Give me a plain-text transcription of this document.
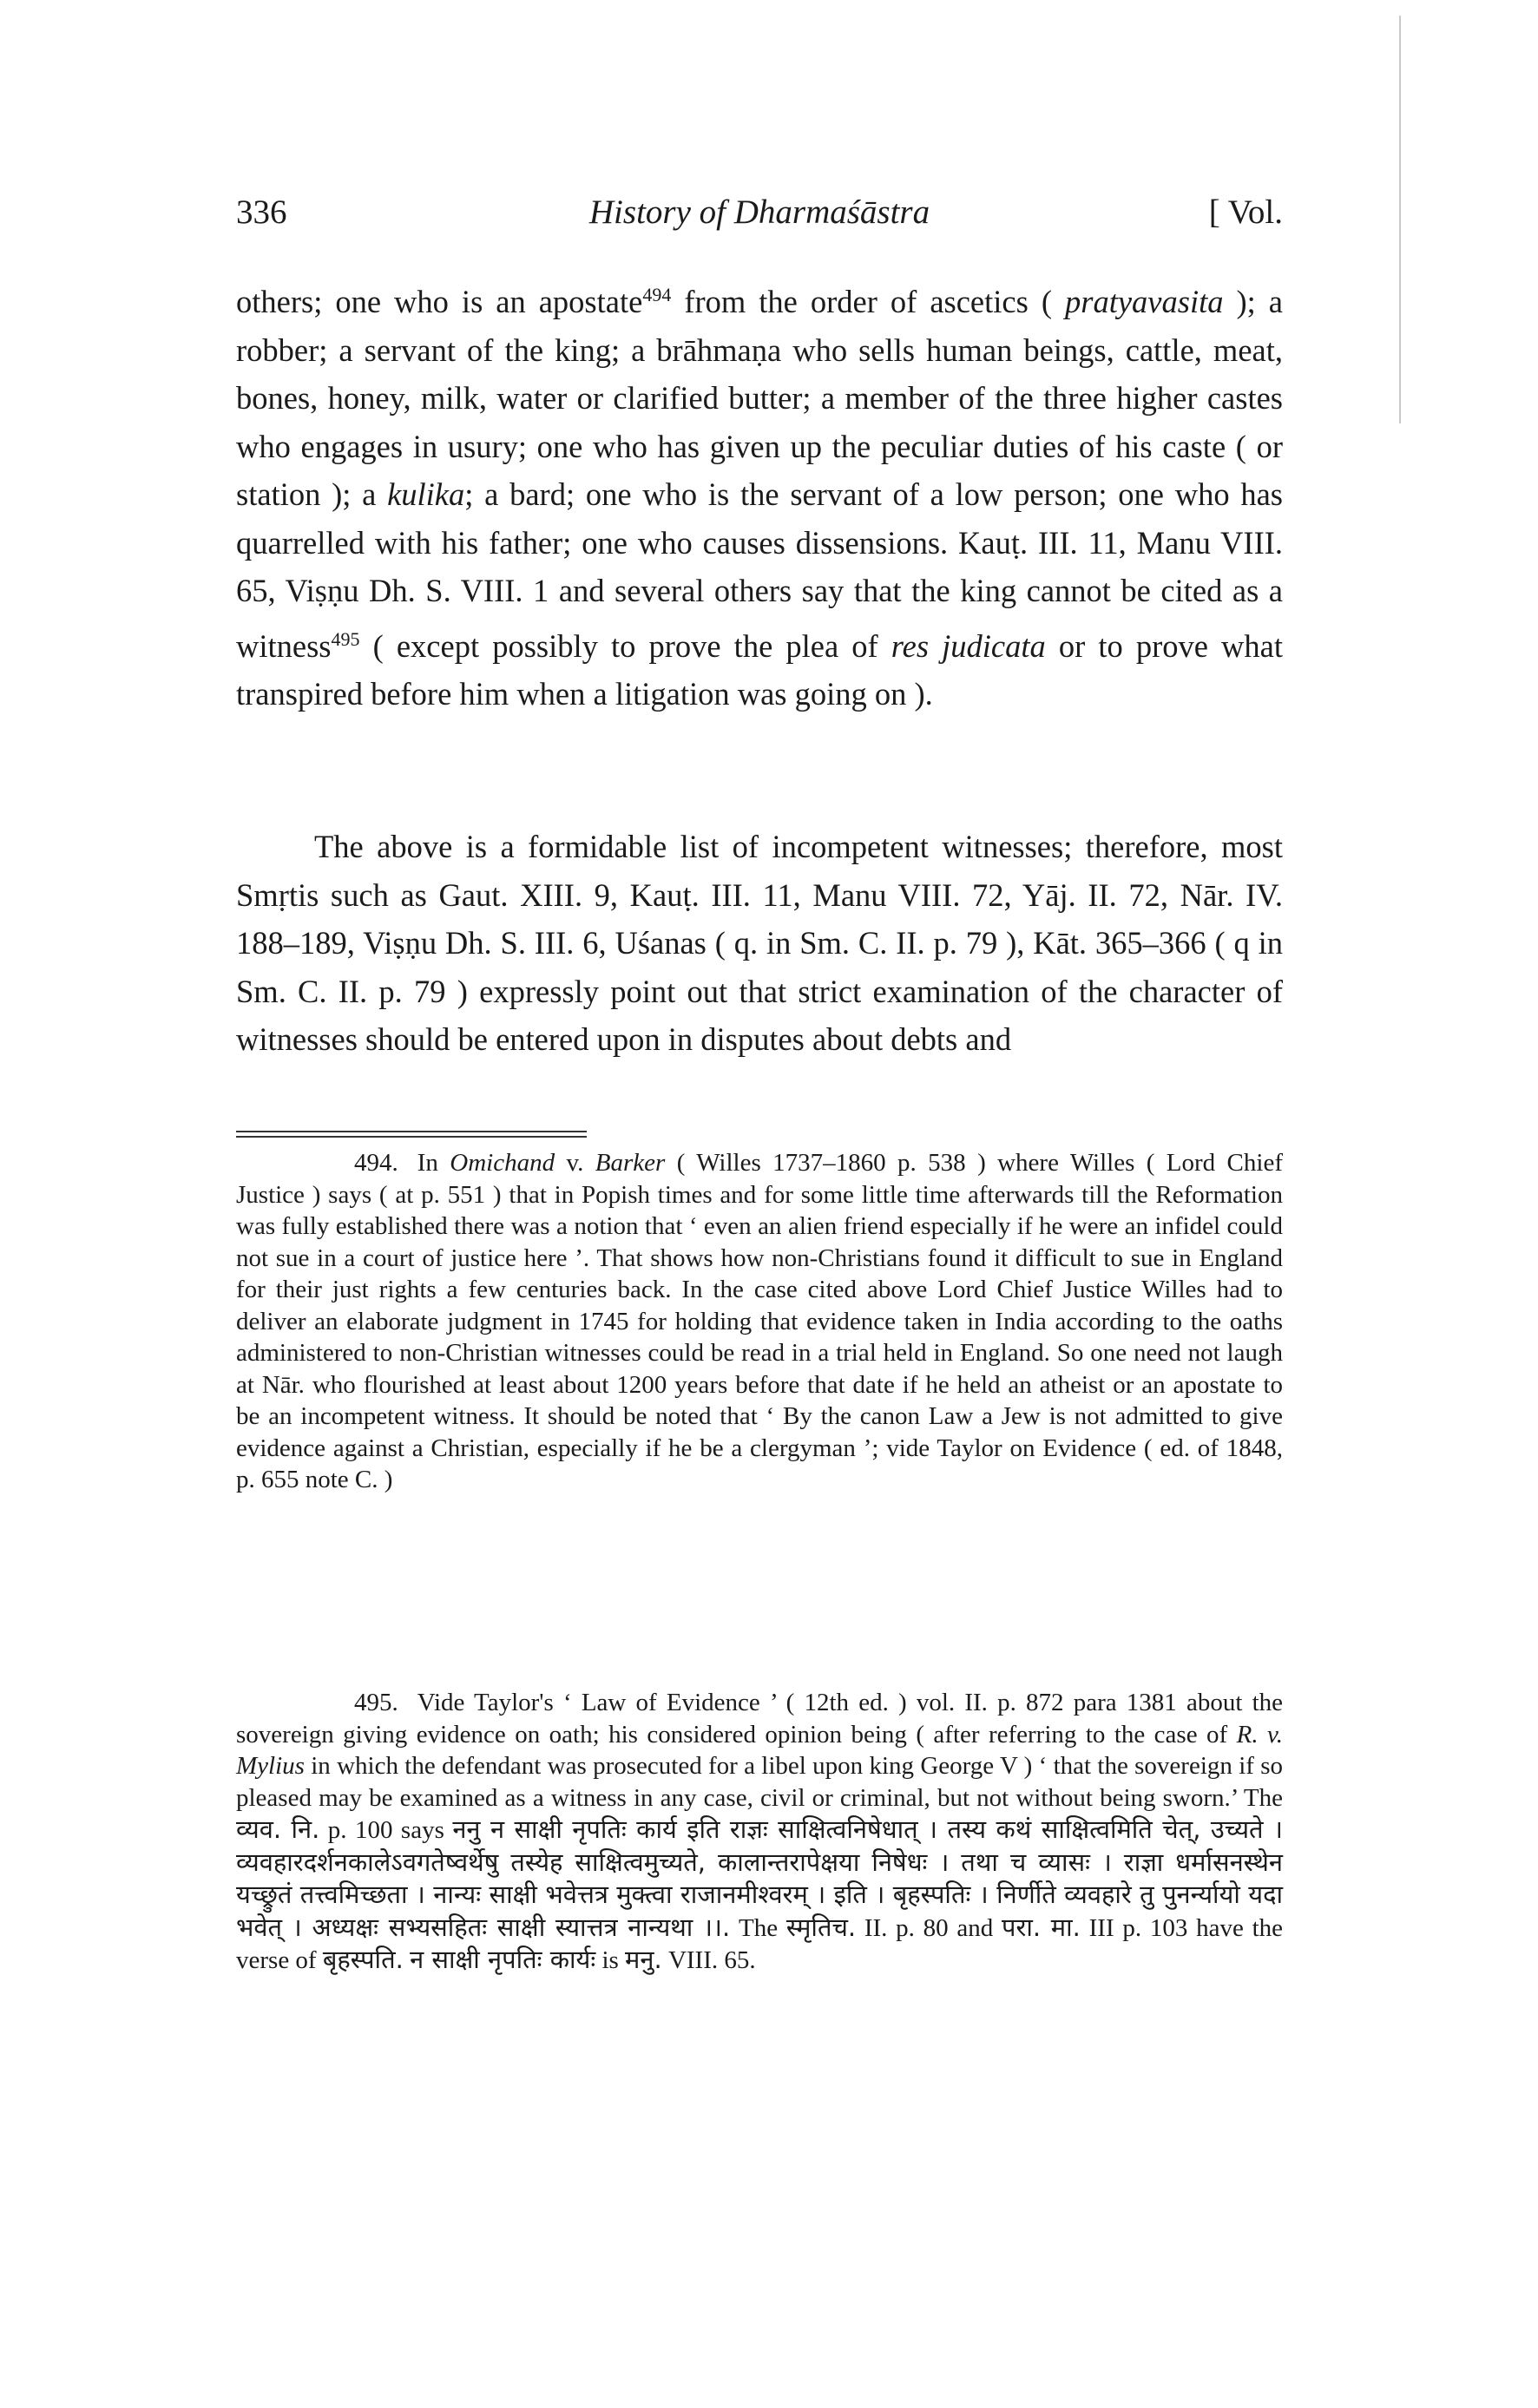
336	History of Dharmaśāstra	[ Vol.

others; one who is an apostate$^{494}$ from the order of ascetics ( pratyavasita ); a robber; a servant of the king; a brāhmaṇa who sells human beings, cattle, meat, bones, honey, milk, water or clarified butter; a member of the three higher castes who engages in usury; one who has given up the peculiar duties of his caste ( or station ); a kulika; a bard; one who is the servant of a low person; one who has quarrelled with his father; one who causes dissensions. Kauṭ. III. 11, Manu VIII. 65, Viṣṇu Dh. S. VIII. 1 and several others say that the king cannot be cited as a witness$^{495}$ ( except possibly to prove the plea of res judicata or to prove what transpired before him when a litigation was going on ).

The above is a formidable list of incompetent witnesses; therefore, most Smṛtis such as Gaut. XIII. 9, Kauṭ. III. 11, Manu VIII. 72, Yāj. II. 72, Nār. IV. 188–189, Viṣṇu Dh. S. III. 6, Uśanas ( q. in Sm. C. II. p. 79 ), Kāt. 365–366 ( q in Sm. C. II. p. 79 ) expressly point out that strict examination of the character of witnesses should be entered upon in disputes about debts and

494. In Omichand v. Barker ( Willes 1737–1860 p. 538 ) where Willes ( Lord Chief Justice ) says ( at p. 551 ) that in Popish times and for some little time afterwards till the Reformation was fully established there was a notion that ‘ even an alien friend especially if he were an infidel could not sue in a court of justice here ’. That shows how non-Christians found it difficult to sue in England for their just rights a few centuries back. In the case cited above Lord Chief Justice Willes had to deliver an elaborate judgment in 1745 for holding that evidence taken in India according to the oaths administered to non-Christian witnesses could be read in a trial held in England. So one need not laugh at Nār. who flourished at least about 1200 years before that date if he held an atheist or an apostate to be an incompetent witness. It should be noted that ‘ By the canon Law a Jew is not admitted to give evidence against a Christian, especially if he be a clergyman ’; vide Taylor on Evidence ( ed. of 1848, p. 655 note C. )

495. Vide Taylor's ‘ Law of Evidence ’ ( 12th ed. ) vol. II. p. 872 para 1381 about the sovereign giving evidence on oath; his considered opinion being ( after referring to the case of R. v. Mylius in which the defendant was prosecuted for a libel upon king George V ) ‘ that the sovereign if so pleased may be examined as a witness in any case, civil or criminal, but not without being sworn.’ The व्यव. नि. p. 100 says ननु न साक्षी नृपतिः कार्य इति राज्ञः साक्षित्वनिषेधात् । तस्य कथं साक्षित्वमिति चेत्, उच्यते । व्यवहारदर्शनकालेऽवगतेष्वर्थेषु तस्येह साक्षित्वमुच्यते, कालान्तरापेक्षया निषेधः । तथा च व्यासः । राज्ञा धर्मासनस्थेन यच्छ्रुतं तत्त्वमिच्छता । नान्यः साक्षी भवेत्तत्र मुक्त्वा राजानमीश्वरम् । इति । बृहस्पतिः । निर्णीते व्यवहारे तु पुनर्न्यायो यदा भवेत् । अध्यक्षः सभ्यसहितः साक्षी स्यात्तत्र नान्यथा ।।. The स्मृतिच. II. p. 80 and परा. मा. III p. 103 have the verse of बृहस्पति. न साक्षी नृपतिः कार्यः is मनु. VIII. 65.
